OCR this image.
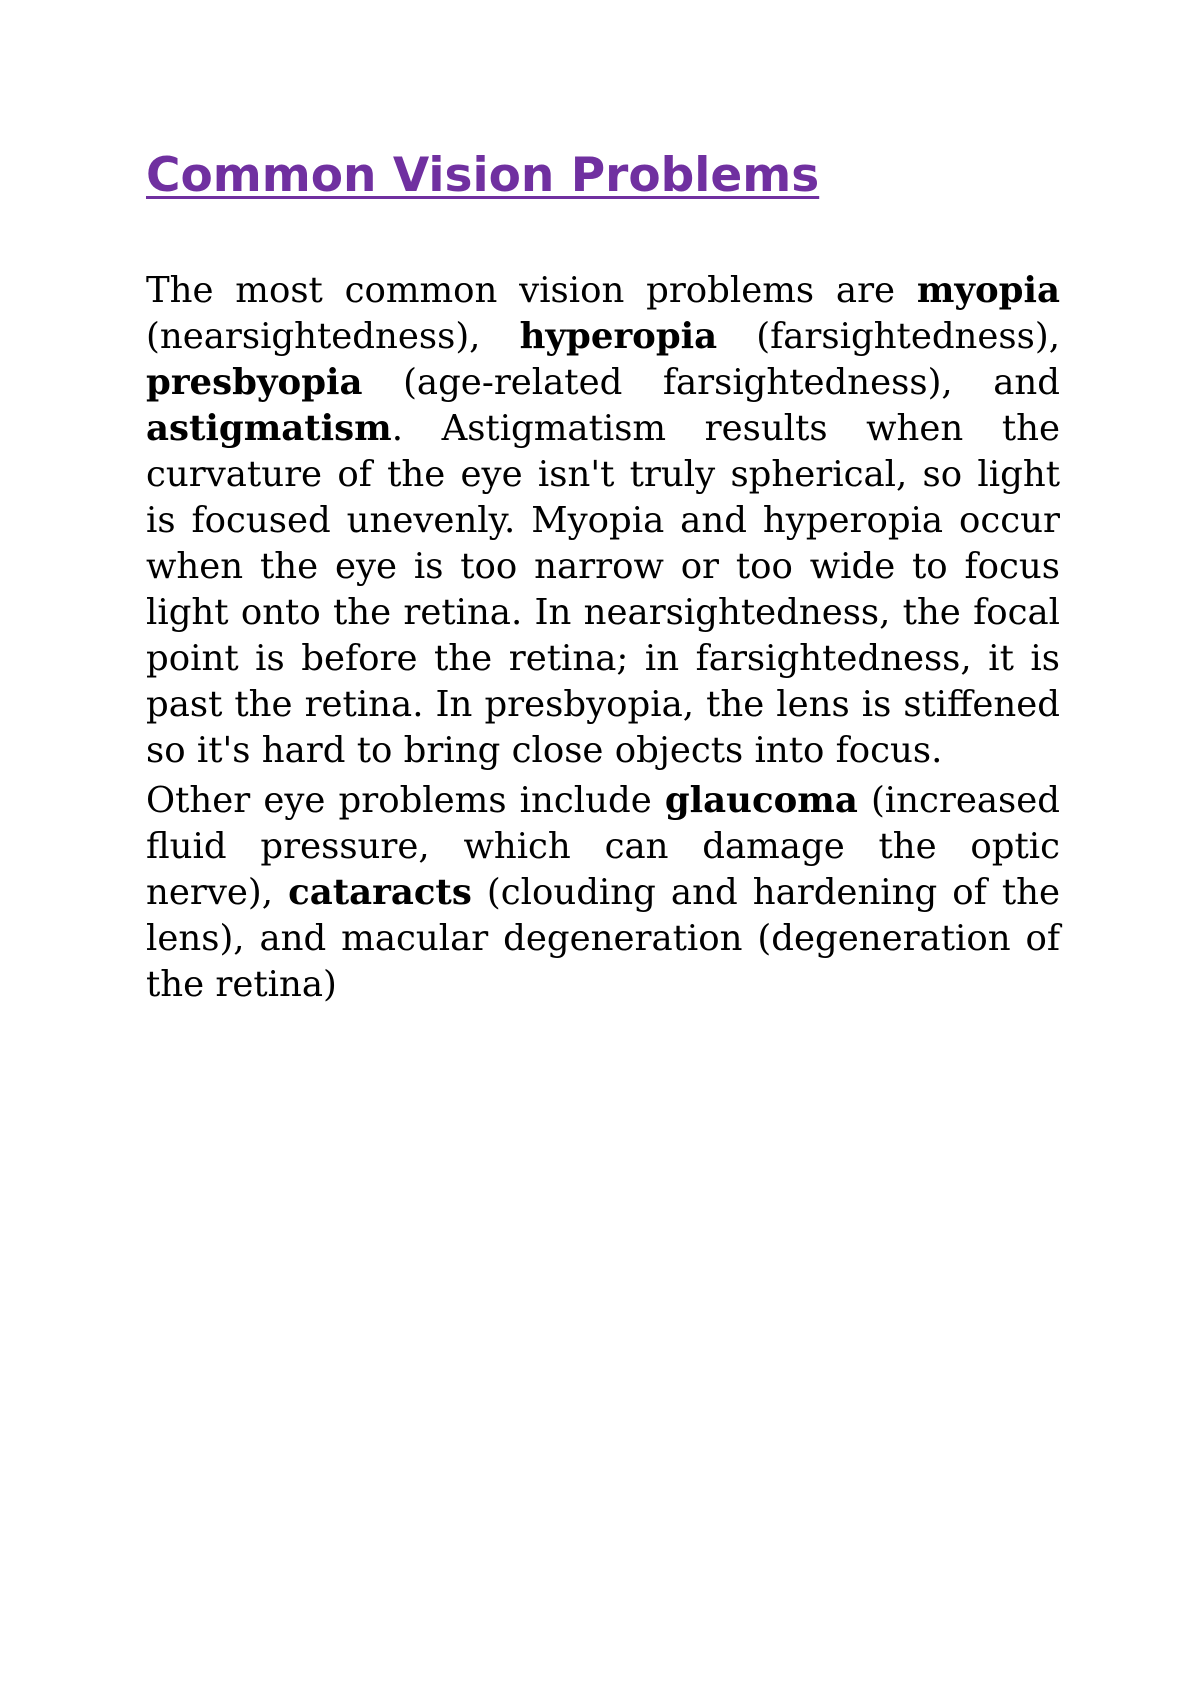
Common Vision Problems

The most common vision problems are myopia (nearsightedness), hyperopia (farsightedness), presbyopia (age-related farsightedness), and astigmatism. Astigmatism results when the curvature of the eye isn't truly spherical, so light is focused unevenly. Myopia and hyperopia occur when the eye is too narrow or too wide to focus light onto the retina. In nearsightedness, the focal point is before the retina; in farsightedness, it is past the retina. In presbyopia, the lens is stiffened so it's hard to bring close objects into focus.

Other eye problems include glaucoma (increased fluid pressure, which can damage the optic nerve), cataracts (clouding and hardening of the lens), and macular degeneration (degeneration of the retina)
